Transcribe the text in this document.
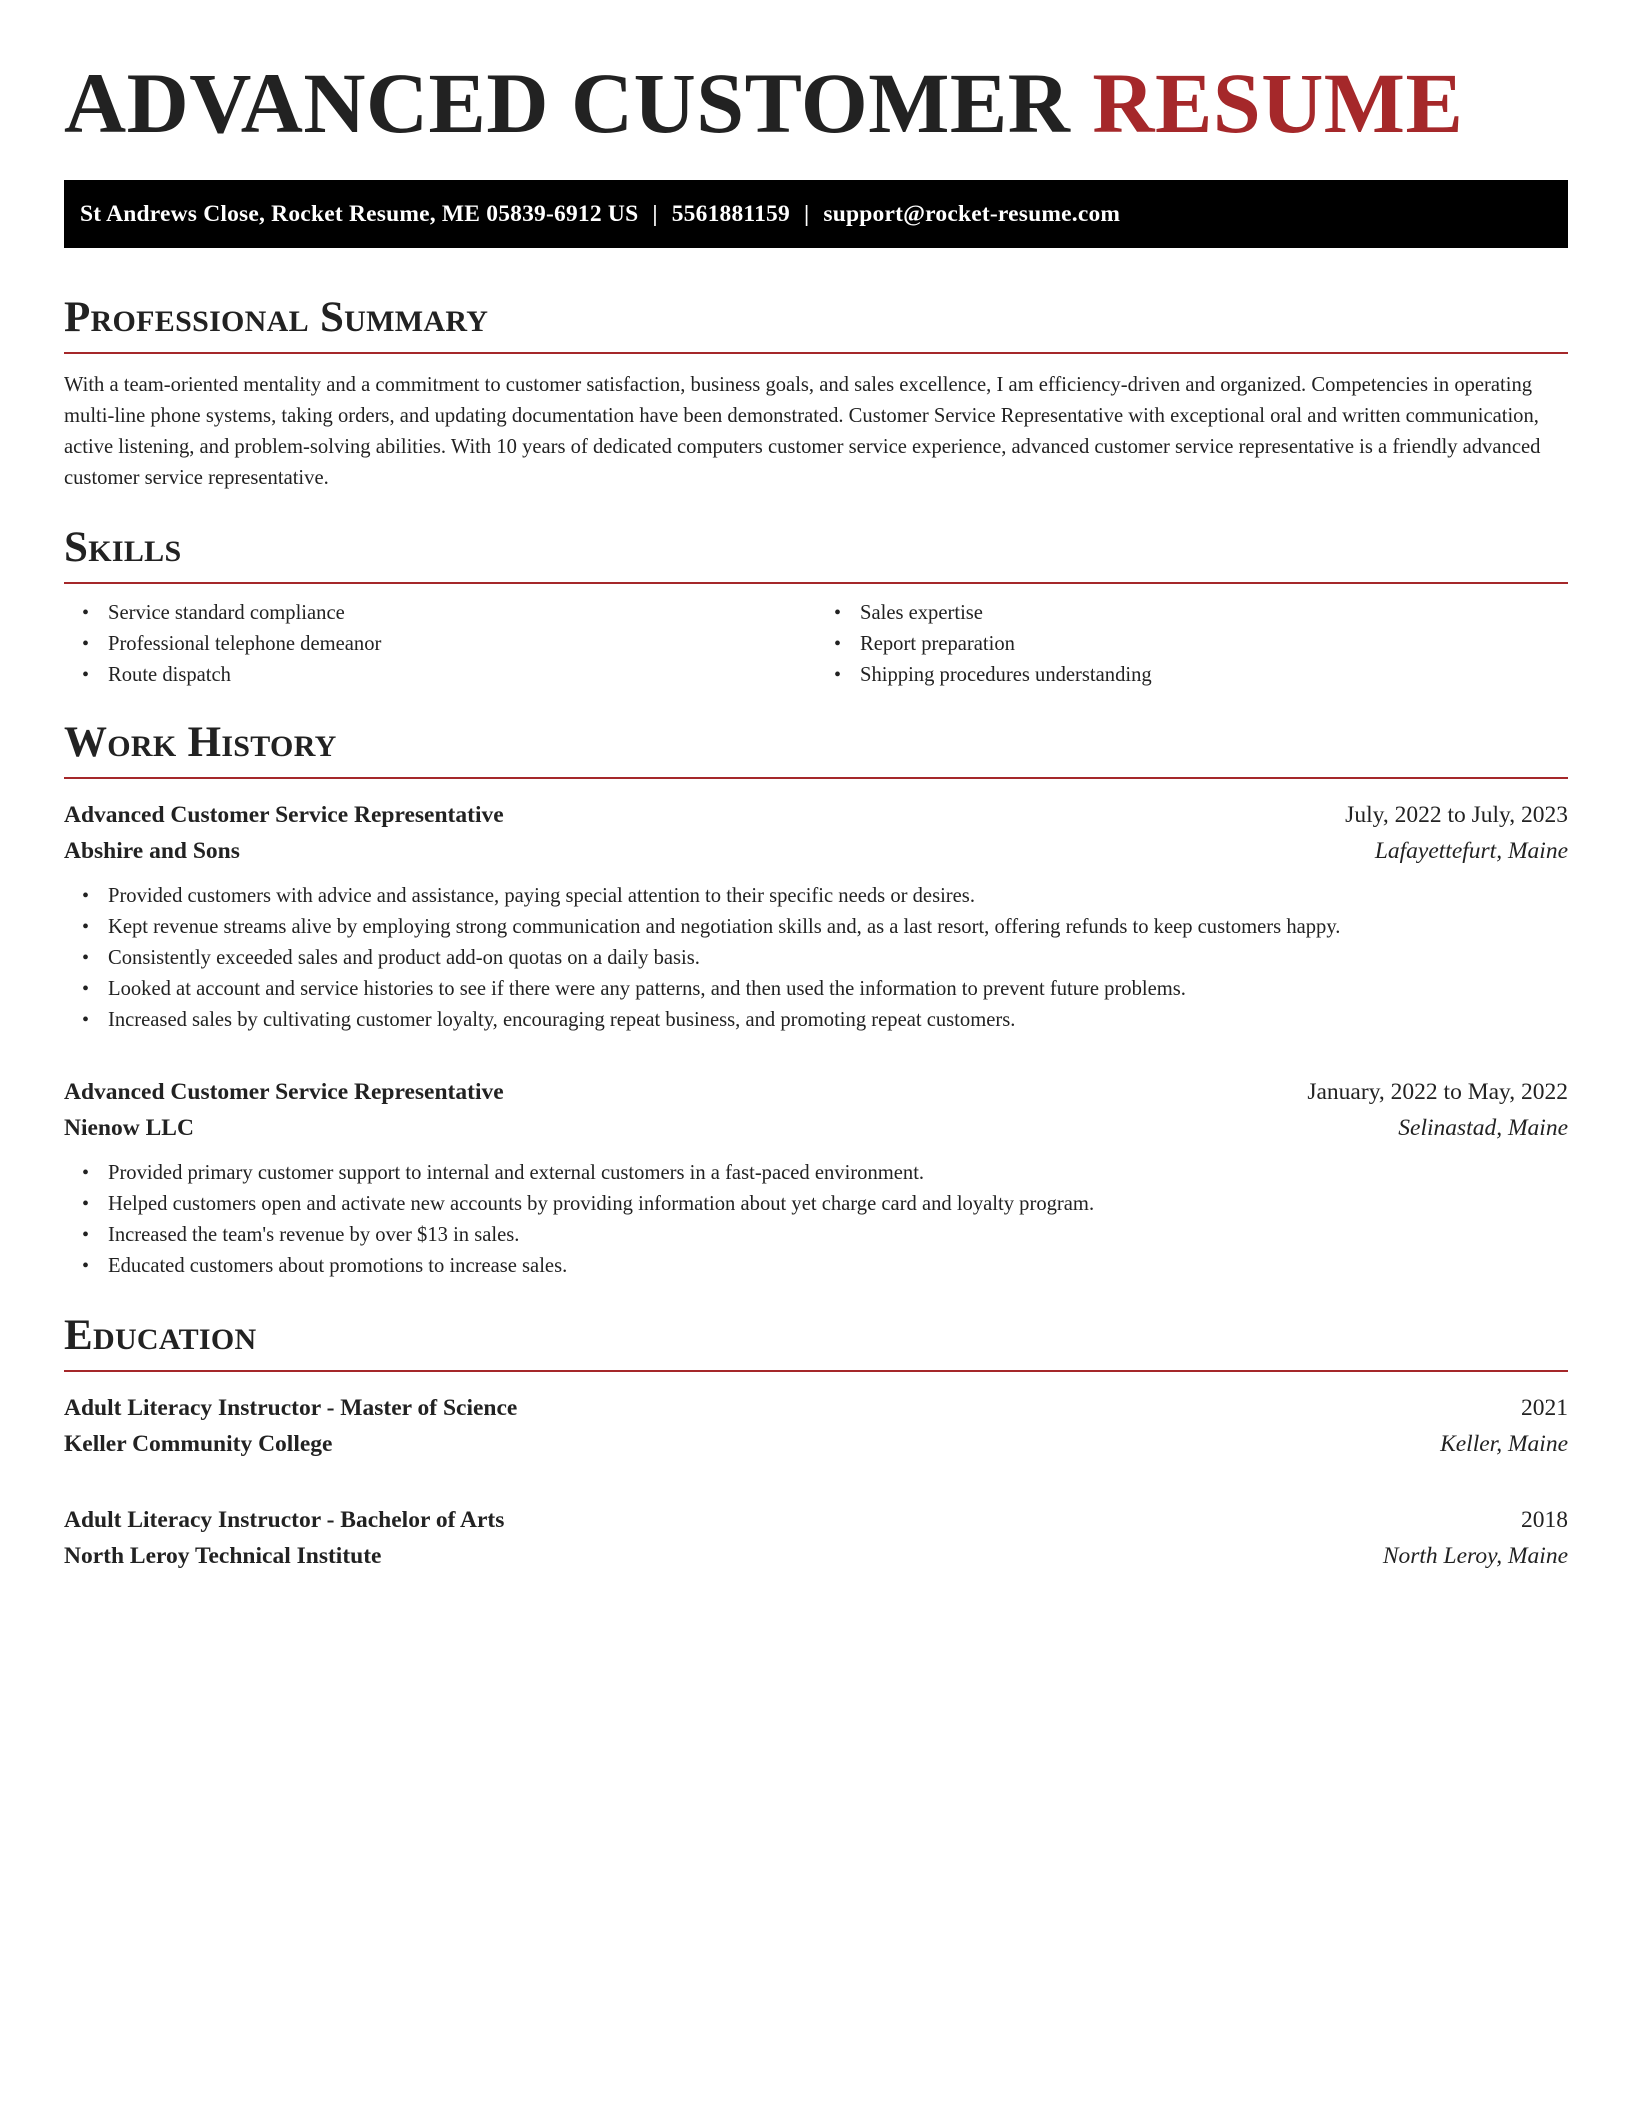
ADVANCED CUSTOMER RESUME
St Andrews Close, Rocket Resume, ME 05839-6912 US | 5561881159 | support@rocket-resume.com
Professional Summary

With a team-oriented mentality and a commitment to customer satisfaction, business goals, and sales excellence, I am efficiency-driven and organized. Competencies in operating multi-line phone systems, taking orders, and updating documentation have been demonstrated. Customer Service Representative with exceptional oral and written communication, active listening, and problem-solving abilities. With 10 years of dedicated computers customer service experience, advanced customer service representative is a friendly advanced customer service representative.

Skills
• Service standard compliance
• Professional telephone demeanor
• Route dispatch
• Sales expertise
• Report preparation
• Shipping procedures understanding
Work History
Advanced Customer Service Representative	July, 2022 to July, 2023
Abshire and Sons	Lafayettefurt, Maine
• Provided customers with advice and assistance, paying special attention to their specific needs or desires.
• Kept revenue streams alive by employing strong communication and negotiation skills and, as a last resort, offering refunds to keep customers happy.
• Consistently exceeded sales and product add-on quotas on a daily basis.
• Looked at account and service histories to see if there were any patterns, and then used the information to prevent future problems.
• Increased sales by cultivating customer loyalty, encouraging repeat business, and promoting repeat customers.
Advanced Customer Service Representative	January, 2022 to May, 2022
Nienow LLC	Selinastad, Maine
• Provided primary customer support to internal and external customers in a fast-paced environment.
• Helped customers open and activate new accounts by providing information about yet charge card and loyalty program.
• Increased the team's revenue by over $13 in sales.
• Educated customers about promotions to increase sales.
Education
Adult Literacy Instructor - Master of Science	2021
Keller Community College	Keller, Maine
Adult Literacy Instructor - Bachelor of Arts	2018
North Leroy Technical Institute	North Leroy, Maine
